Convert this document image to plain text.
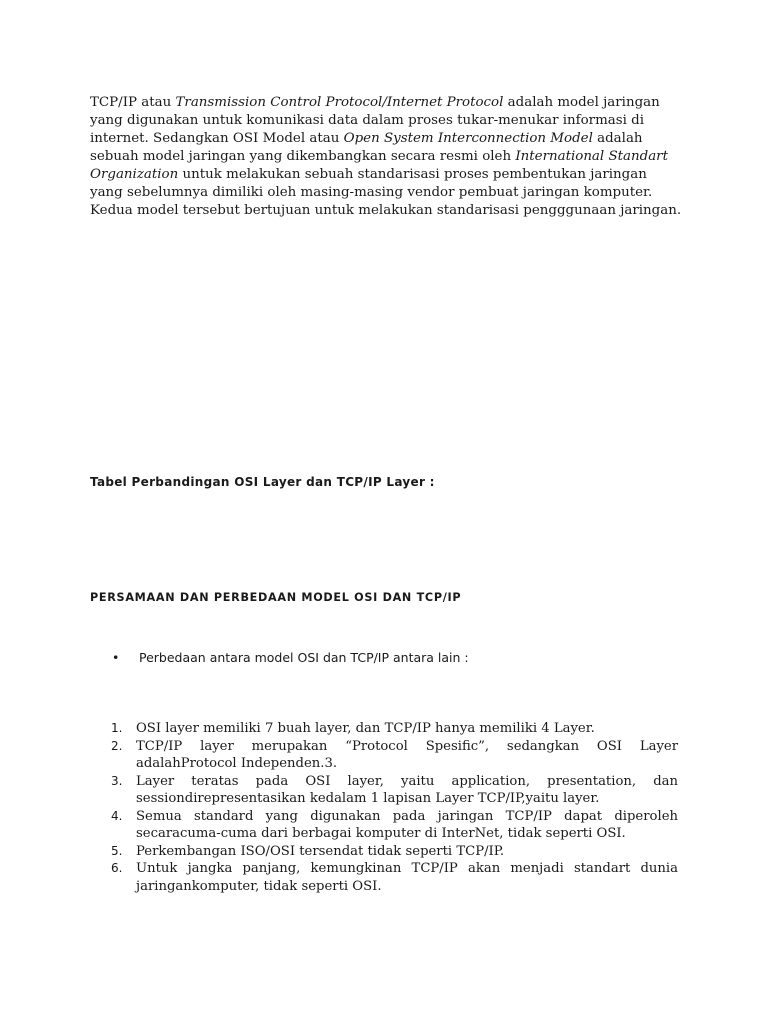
TCP/IP atau Transmission Control Protocol/Internet Protocol adalah model jaringan yang digunakan untuk komunikasi data dalam proses tukar-menukar informasi di internet. Sedangkan OSI Model atau Open System Interconnection Model adalah sebuah model jaringan yang dikembangkan secara resmi oleh International Standart Organization untuk melakukan sebuah standarisasi proses pembentukan jaringan yang sebelumnya dimiliki oleh masing-masing vendor pembuat jaringan komputer. Kedua model tersebut bertujuan untuk melakukan standarisasi pengggunaan jaringan.

Tabel Perbandingan OSI Layer dan TCP/IP Layer :
PERSAMAAN DAN PERBEDAAN MODEL OSI DAN TCP/IP
• Perbedaan antara model OSI dan TCP/IP antara lain :
1. OSI layer memiliki 7 buah layer, dan TCP/IP hanya memiliki 4 Layer.
2. TCP/IP layer merupakan “Protocol Spesific”, sedangkan OSI Layer adalahProtocol Independen.3.
3. Layer teratas pada OSI layer, yaitu application, presentation, dan sessiondirepresentasikan kedalam 1 lapisan Layer TCP/IP,yaitu layer.
4. Semua standard yang digunakan pada jaringan TCP/IP dapat diperoleh secaracuma-cuma dari berbagai komputer di InterNet, tidak seperti OSI.
5. Perkembangan ISO/OSI tersendat tidak seperti TCP/IP.
6. Untuk jangka panjang, kemungkinan TCP/IP akan menjadi standart dunia jaringankomputer, tidak seperti OSI.
